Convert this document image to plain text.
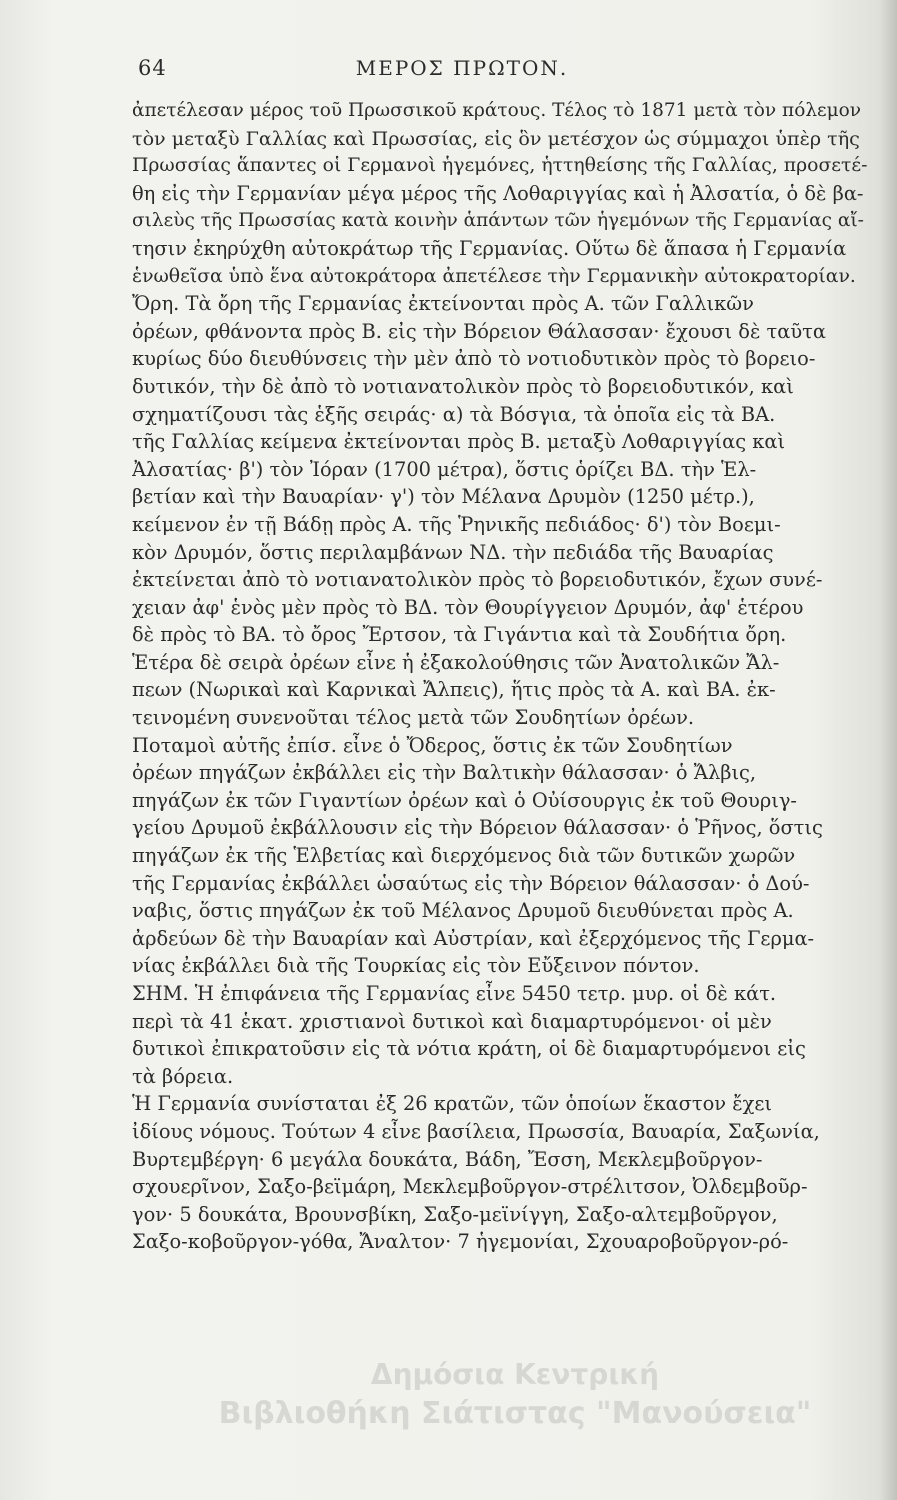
64	ΜΕΡΟΣ ΠΡΩΤΟΝ.
ἀπετέλεσαν μέρος τοῦ Πρωσσικοῦ κράτους. Τέλος τὸ 1871 μετὰ τὸν πόλεμον
τὸν μεταξὺ Γαλλίας καὶ Πρωσσίας, εἰς ὃν μετέσχον ὡς σύμμαχοι ὑπὲρ τῆς
Πρωσσίας ἅπαντες οἱ Γερμανοὶ ἡγεμόνες, ἡττηθείσης τῆς Γαλλίας, προσετέ-
θη εἰς τὴν Γερμανίαν μέγα μέρος τῆς Λοθαριγγίας καὶ ἡ Ἀλσατία, ὁ δὲ βα-
σιλεὺς τῆς Πρωσσίας κατὰ κοινὴν ἁπάντων τῶν ἡγεμόνων τῆς Γερμανίας αἴ-
τησιν ἐκηρύχθη αὐτοκράτωρ τῆς Γερμανίας. Οὕτω δὲ ἅπασα ἡ Γερμανία
ἑνωθεῖσα ὑπὸ ἕνα αὐτοκράτορα ἀπετέλεσε τὴν Γερμανικὴν αὐτοκρατορίαν.
Ὄρη. Τὰ ὄρη τῆς Γερμανίας ἐκτείνονται πρὸς Α. τῶν Γαλλικῶν
ὀρέων, φθάνοντα πρὸς Β. εἰς τὴν Βόρειον Θάλασσαν· ἔχουσι δὲ ταῦτα
κυρίως δύο διευθύνσεις τὴν μὲν ἀπὸ τὸ νοτιοδυτικὸν πρὸς τὸ βορειο-
δυτικόν, τὴν δὲ ἀπὸ τὸ νοτιανατολικὸν πρὸς τὸ βορειοδυτικόν, καὶ
σχηματίζουσι τὰς ἑξῆς σειράς· α) τὰ Βόσγια, τὰ ὁποῖα εἰς τὰ ΒΑ.
τῆς Γαλλίας κείμενα ἐκτείνονται πρὸς Β. μεταξὺ Λοθαριγγίας καὶ
Ἀλσατίας· β') τὸν Ἰόραν (1700 μέτρα), ὅστις ὁρίζει ΒΔ. τὴν Ἑλ-
βετίαν καὶ τὴν Βαυαρίαν· γ') τὸν Μέλανα Δρυμὸν (1250 μέτρ.),
κείμενον ἐν τῇ Βάδῃ πρὸς Α. τῆς Ῥηνικῆς πεδιάδος· δ') τὸν Βοεμι-
κὸν Δρυμόν, ὅστις περιλαμβάνων ΝΔ. τὴν πεδιάδα τῆς Βαυαρίας
ἐκτείνεται ἀπὸ τὸ νοτιανατολικὸν πρὸς τὸ βορειοδυτικόν, ἔχων συνέ-
χειαν ἀφ' ἑνὸς μὲν πρὸς τὸ ΒΔ. τὸν Θουρίγγειον Δρυμόν, ἀφ' ἑτέρου
δὲ πρὸς τὸ ΒΑ. τὸ ὄρος Ἔρτσον, τὰ Γιγάντια καὶ τὰ Σουδήτια ὄρη.
Ἑτέρα δὲ σειρὰ ὀρέων εἶνε ἡ ἐξακολούθησις τῶν Ἀνατολικῶν Ἄλ-
πεων (Νωρικαὶ καὶ Καρνικαὶ Ἄλπεις), ἥτις πρὸς τὰ Α. καὶ ΒΑ. ἐκ-
τεινομένη συνενοῦται τέλος μετὰ τῶν Σουδητίων ὀρέων.
Ποταμοὶ αὐτῆς ἐπίσ. εἶνε ὁ Ὄδερος, ὅστις ἐκ τῶν Σουδητίων
ὀρέων πηγάζων ἐκβάλλει εἰς τὴν Βαλτικὴν θάλασσαν· ὁ Ἄλβις,
πηγάζων ἐκ τῶν Γιγαντίων ὀρέων καὶ ὁ Οὐίσουργις ἐκ τοῦ Θουριγ-
γείου Δρυμοῦ ἐκβάλλουσιν εἰς τὴν Βόρειον θάλασσαν· ὁ Ῥῆνος, ὅστις
πηγάζων ἐκ τῆς Ἑλβετίας καὶ διερχόμενος διὰ τῶν δυτικῶν χωρῶν
τῆς Γερμανίας ἐκβάλλει ὡσαύτως εἰς τὴν Βόρειον θάλασσαν· ὁ Δού-
ναβις, ὅστις πηγάζων ἐκ τοῦ Μέλανος Δρυμοῦ διευθύνεται πρὸς Α.
ἀρδεύων δὲ τὴν Βαυαρίαν καὶ Αὐστρίαν, καὶ ἐξερχόμενος τῆς Γερμα-
νίας ἐκβάλλει διὰ τῆς Τουρκίας εἰς τὸν Εὔξεινον πόντον.
ΣΗΜ. Ἡ ἐπιφάνεια τῆς Γερμανίας εἶνε 5450 τετρ. μυρ. οἱ δὲ κάτ.
περὶ τὰ 41 ἑκατ. χριστιανοὶ δυτικοὶ καὶ διαμαρτυρόμενοι· οἱ μὲν
δυτικοὶ ἐπικρατοῦσιν εἰς τὰ νότια κράτη, οἱ δὲ διαμαρτυρόμενοι εἰς
τὰ βόρεια.
Ἡ Γερμανία συνίσταται ἐξ 26 κρατῶν, τῶν ὁποίων ἕκαστον ἔχει
ἰδίους νόμους. Τούτων 4 εἶνε βασίλεια, Πρωσσία, Βαυαρία, Σαξωνία,
Βυρτεμβέργη· 6 μεγάλα δουκάτα, Βάδη, Ἔσση, Μεκλεμβοῦργον-
σχουερῖνον, Σαξο-βεϊμάρη, Μεκλεμβοῦργον-στρέλιτσον, Ὀλδεμβοῦρ-
γον· 5 δουκάτα, Βρουνσβίκη, Σαξο-μεϊνίγγη, Σαξο-αλτεμβοῦργον,
Σαξο-κοβοῦργον-γόθα, Ἄναλτον· 7 ἡγεμονίαι, Σχουαροβοῦργον-ρό-
Δημόσια Κεντρική
Βιβλιοθήκη Σιάτιστας "Μανούσεια"
